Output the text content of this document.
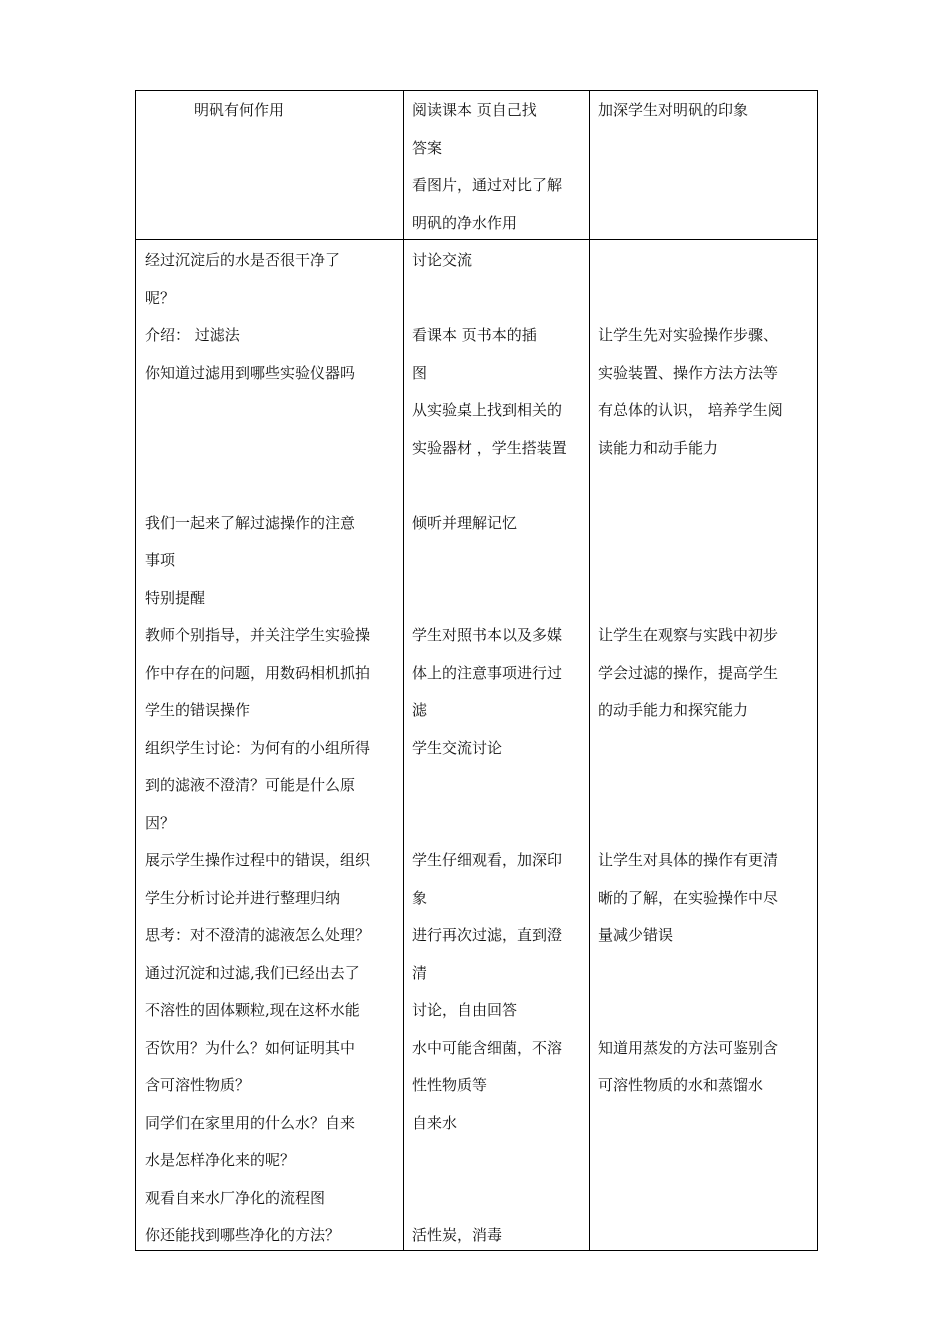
明矾有何作用	阅读课本 页自己找

答案

看图片，通过对比了解

明矾的净水作用

加深学生对明矾的印象

经过沉淀后的水是否很干净了

呢？

介绍： 过滤法

你知道过滤用到哪些实验仪器吗

我们一起来了解过滤操作的注意

事项

特别提醒

教师个别指导，并关注学生实验操

作中存在的问题，用数码相机抓拍

学生的错误操作

组织学生讨论：为何有的小组所得

到的滤液不澄清？可能是什么原

因？

展示学生操作过程中的错误，组织

学生分析讨论并进行整理归纳

思考：对不澄清的滤液怎么处理？

通过沉淀和过滤,我们已经出去了

不溶性的固体颗粒,现在这杯水能

否饮用？为什么？如何证明其中

含可溶性物质？

同学们在家里用的什么水？自来

水是怎样净化来的呢？

观看自来水厂净化的流程图

你还能找到哪些净化的方法？

讨论交流

看课本 页书本的插

图

从实验桌上找到相关的

实验器材 ，学生搭装置

倾听并理解记忆

学生对照书本以及多媒

体上的注意事项进行过

滤

学生交流讨论

学生仔细观看，加深印

象

进行再次过滤，直到澄

清

讨论，自由回答

水中可能含细菌，不溶

性性物质等

自来水

活性炭，消毒

让学生先对实验操作步骤、

实验装置、操作方法方法等

有总体的认识， 培养学生阅

读能力和动手能力

让学生在观察与实践中初步

学会过滤的操作，提高学生

的动手能力和探究能力

让学生对具体的操作有更清

晰的了解，在实验操作中尽

量减少错误

知道用蒸发的方法可鉴别含

可溶性物质的水和蒸馏水
